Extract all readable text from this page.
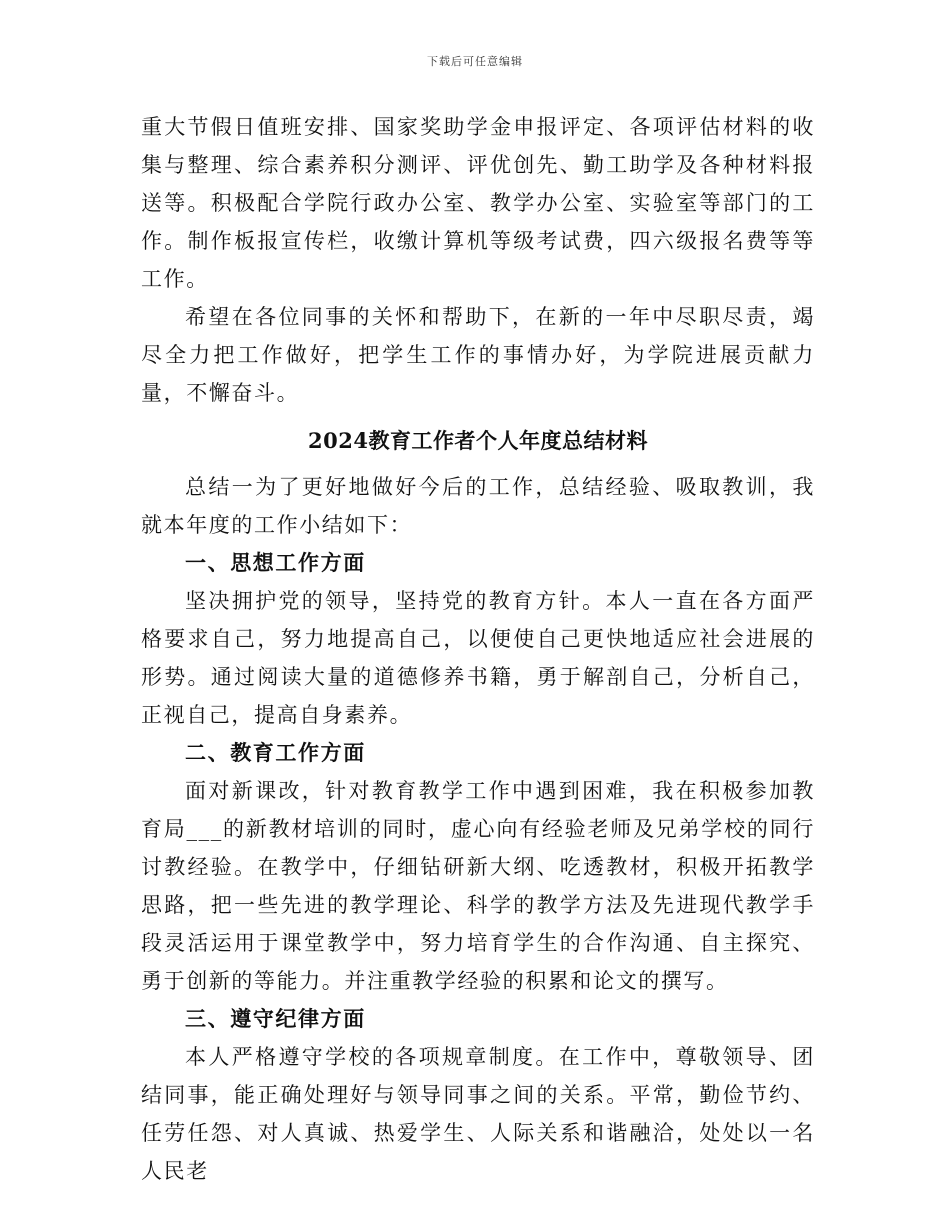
下载后可任意编辑

重大节假日值班安排、国家奖助学金申报评定、各项评估材料的收集与整理、综合素养积分测评、评优创先、勤工助学及各种材料报送等。积极配合学院行政办公室、教学办公室、实验室等部门的工作。制作板报宣传栏，收缴计算机等级考试费，四六级报名费等等工作。

希望在各位同事的关怀和帮助下，在新的一年中尽职尽责，竭尽全力把工作做好，把学生工作的事情办好，为学院进展贡献力量，不懈奋斗。

2024教育工作者个人年度总结材料

总结一为了更好地做好今后的工作，总结经验、吸取教训，我就本年度的工作小结如下：

一、思想工作方面

坚决拥护党的领导，坚持党的教育方针。本人一直在各方面严格要求自己，努力地提高自己，以便使自己更快地适应社会进展的形势。通过阅读大量的道德修养书籍，勇于解剖自己，分析自己，正视自己，提高自身素养。

二、教育工作方面

面对新课改，针对教育教学工作中遇到困难，我在积极参加教育局___的新教材培训的同时，虚心向有经验老师及兄弟学校的同行讨教经验。在教学中，仔细钻研新大纲、吃透教材，积极开拓教学思路，把一些先进的教学理论、科学的教学方法及先进现代教学手段灵活运用于课堂教学中，努力培育学生的合作沟通、自主探究、勇于创新的等能力。并注重教学经验的积累和论文的撰写。

三、遵守纪律方面

本人严格遵守学校的各项规章制度。在工作中，尊敬领导、团结同事，能正确处理好与领导同事之间的关系。平常，勤俭节约、任劳任怨、对人真诚、热爱学生、人际关系和谐融洽，处处以一名人民老
